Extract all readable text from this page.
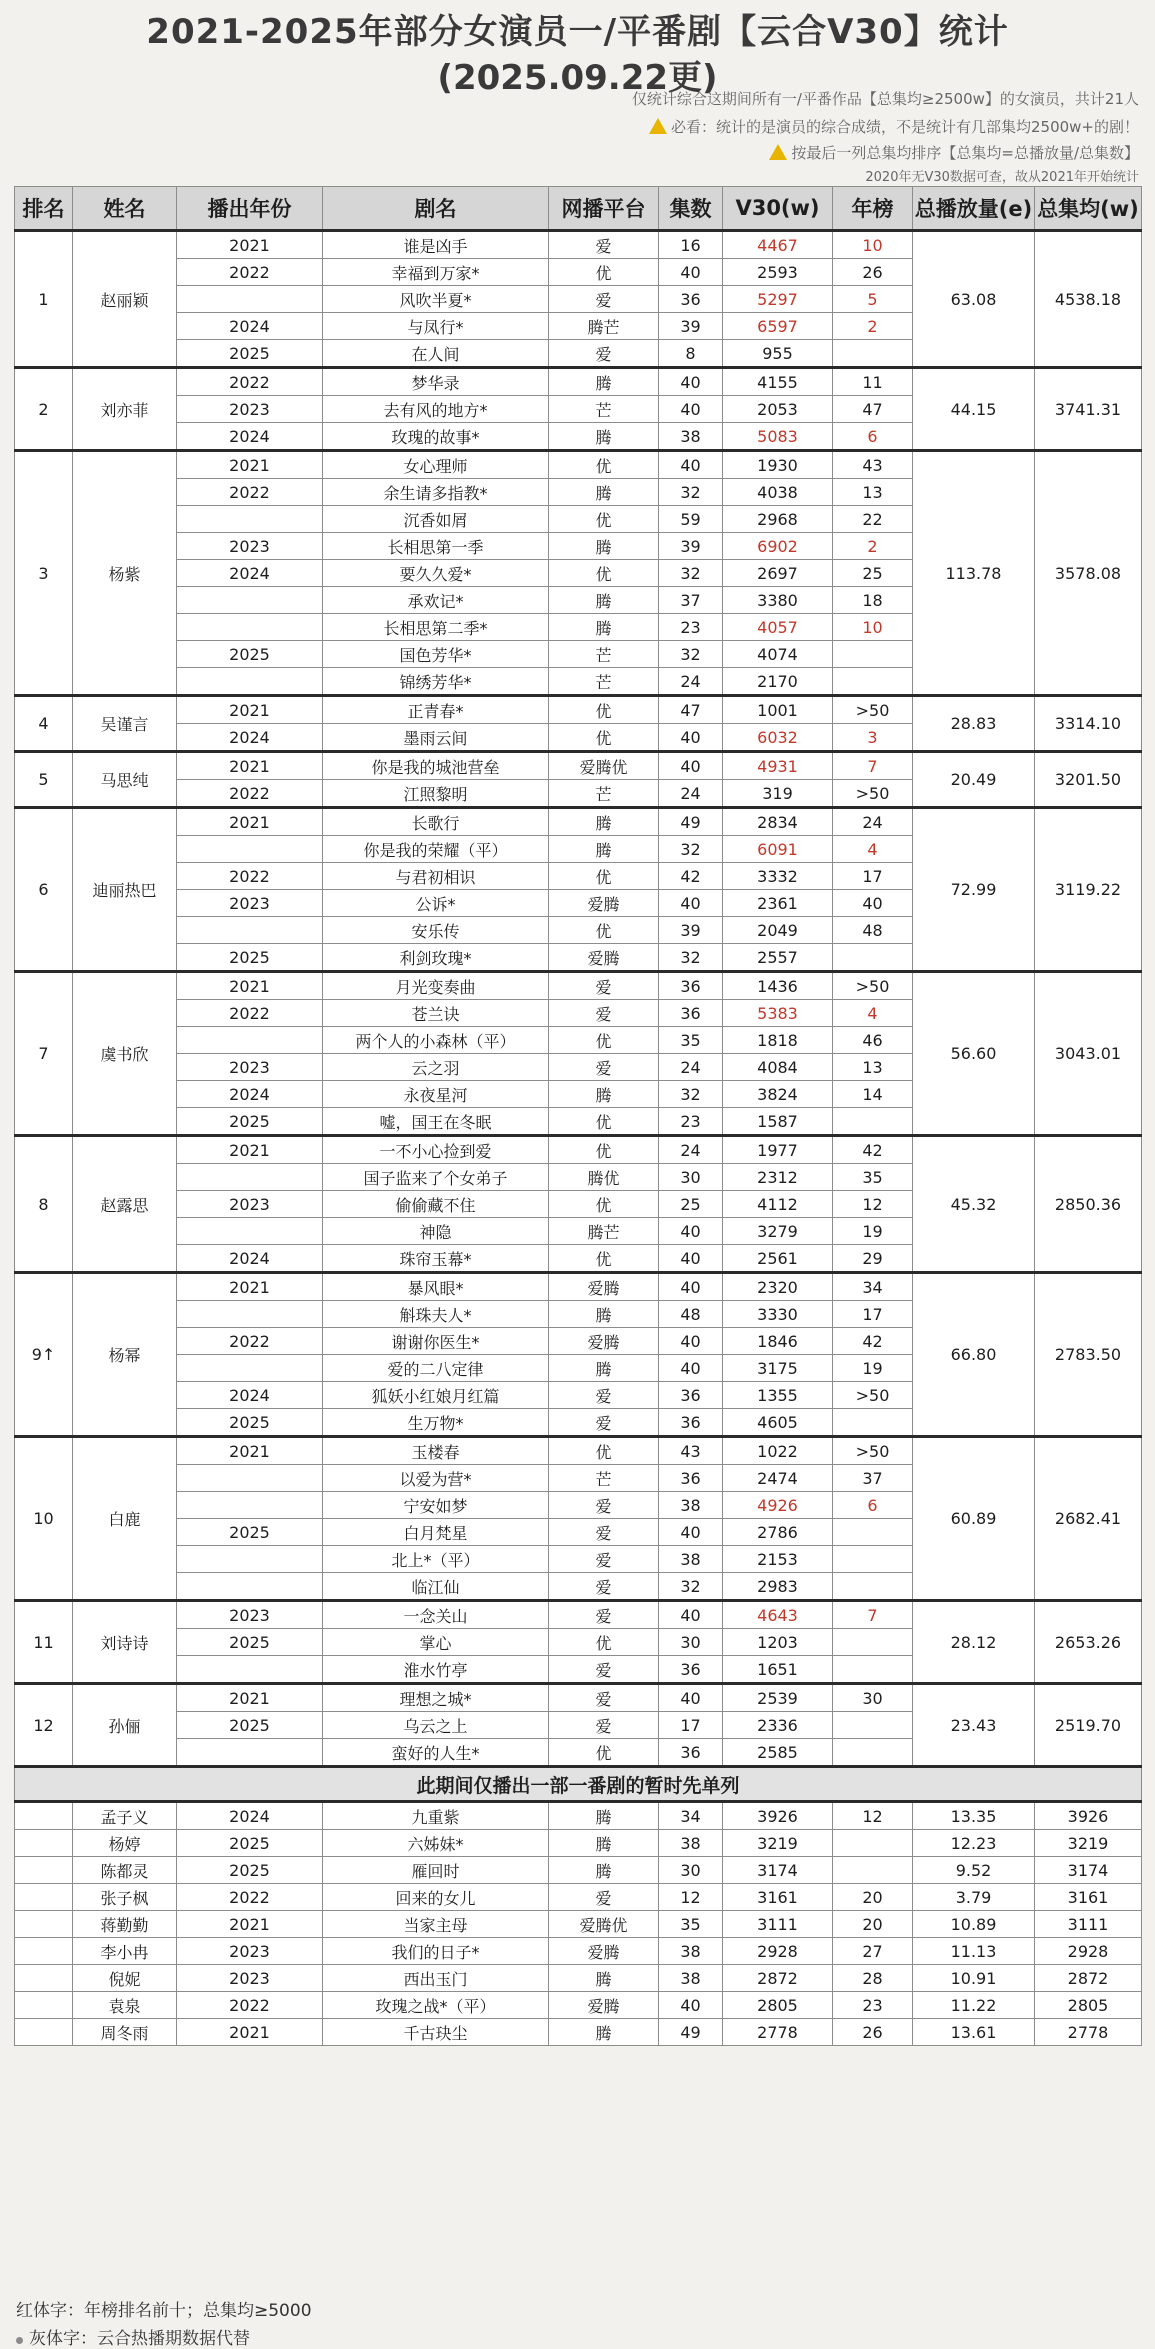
2021-2025年部分女演员一/平番剧【云合V30】统计
(2025.09.22更)
仅统计综合这期间所有一/平番作品【总集均≥2500w】的女演员，共计21人
必看：统计的是演员的综合成绩，不是统计有几部集均2500w+的剧！
按最后一列总集均排序【总集均=总播放量/总集数】
2020年无V30数据可查，故从2021年开始统计
排名	姓名	播出年份	剧名	网播平台	集数	V30(w)	年榜	总播放量(e)	总集均(w)
1	赵丽颖	2021	谁是凶手	爱	16	4467	10	63.08	4538.18
		2022	幸福到万家*	优	40	2593	26		
			风吹半夏*	爱	36	5297	5		
		2024	与凤行*	腾芒	39	6597	2		
		2025	在人间	爱	8	955			
2	刘亦菲	2022	梦华录	腾	40	4155	11	44.15	3741.31
		2023	去有风的地方*	芒	40	2053	47		
		2024	玫瑰的故事*	腾	38	5083	6		
3	杨紫	2021	女心理师	优	40	1930	43	113.78	3578.08
		2022	余生请多指教*	腾	32	4038	13		
			沉香如屑	优	59	2968	22		
		2023	长相思第一季	腾	39	6902	2		
		2024	要久久爱*	优	32	2697	25		
			承欢记*	腾	37	3380	18		
			长相思第二季*	腾	23	4057	10		
		2025	国色芳华*	芒	32	4074			
			锦绣芳华*	芒	24	2170			
4	吴谨言	2021	正青春*	优	47	1001	>50	28.83	3314.10
		2024	墨雨云间	优	40	6032	3		
5	马思纯	2021	你是我的城池营垒	爱腾优	40	4931	7	20.49	3201.50
		2022	江照黎明	芒	24	319	>50		
6	迪丽热巴	2021	长歌行	腾	49	2834	24	72.99	3119.22
			你是我的荣耀（平）	腾	32	6091	4		
		2022	与君初相识	优	42	3332	17		
		2023	公诉*	爱腾	40	2361	40		
			安乐传	优	39	2049	48		
		2025	利剑玫瑰*	爱腾	32	2557			
7	虞书欣	2021	月光变奏曲	爱	36	1436	>50	56.60	3043.01
		2022	苍兰诀	爱	36	5383	4		
			两个人的小森林（平）	优	35	1818	46		
		2023	云之羽	爱	24	4084	13		
		2024	永夜星河	腾	32	3824	14		
		2025	嘘，国王在冬眠	优	23	1587			
8	赵露思	2021	一不小心捡到爱	优	24	1977	42	45.32	2850.36
			国子监来了个女弟子	腾优	30	2312	35		
		2023	偷偷藏不住	优	25	4112	12		
			神隐	腾芒	40	3279	19		
		2024	珠帘玉幕*	优	40	2561	29		
9↑	杨幂	2021	暴风眼*	爱腾	40	2320	34	66.80	2783.50
			斛珠夫人*	腾	48	3330	17		
		2022	谢谢你医生*	爱腾	40	1846	42		
			爱的二八定律	腾	40	3175	19		
		2024	狐妖小红娘月红篇	爱	36	1355	>50		
		2025	生万物*	爱	36	4605			
10	白鹿	2021	玉楼春	优	43	1022	>50	60.89	2682.41
			以爱为营*	芒	36	2474	37		
			宁安如梦	爱	38	4926	6		
		2025	白月梵星	爱	40	2786			
			北上*（平）	爱	38	2153			
			临江仙	爱	32	2983			
11	刘诗诗	2023	一念关山	爱	40	4643	7	28.12	2653.26
		2025	掌心	优	30	1203			
			淮水竹亭	爱	36	1651			
12	孙俪	2021	理想之城*	爱	40	2539	30	23.43	2519.70
		2025	乌云之上	爱	17	2336			
			蛮好的人生*	优	36	2585			
此期间仅播出一部一番剧的暂时先单列									
	孟子义	2024	九重紫	腾	34	3926	12	13.35	3926
	杨婷	2025	六姊妹*	腾	38	3219		12.23	3219
	陈都灵	2025	雁回时	腾	30	3174		9.52	3174
	张子枫	2022	回来的女儿	爱	12	3161	20	3.79	3161
	蒋勤勤	2021	当家主母	爱腾优	35	3111	20	10.89	3111
	李小冉	2023	我们的日子*	爱腾	38	2928	27	11.13	2928
	倪妮	2023	西出玉门	腾	38	2872	28	10.91	2872
	袁泉	2022	玫瑰之战*（平）	爱腾	40	2805	23	11.22	2805
	周冬雨	2021	千古玦尘	腾	49	2778	26	13.61	2778
红体字：年榜排名前十；总集均≥5000
灰体字：云合热播期数据代替
